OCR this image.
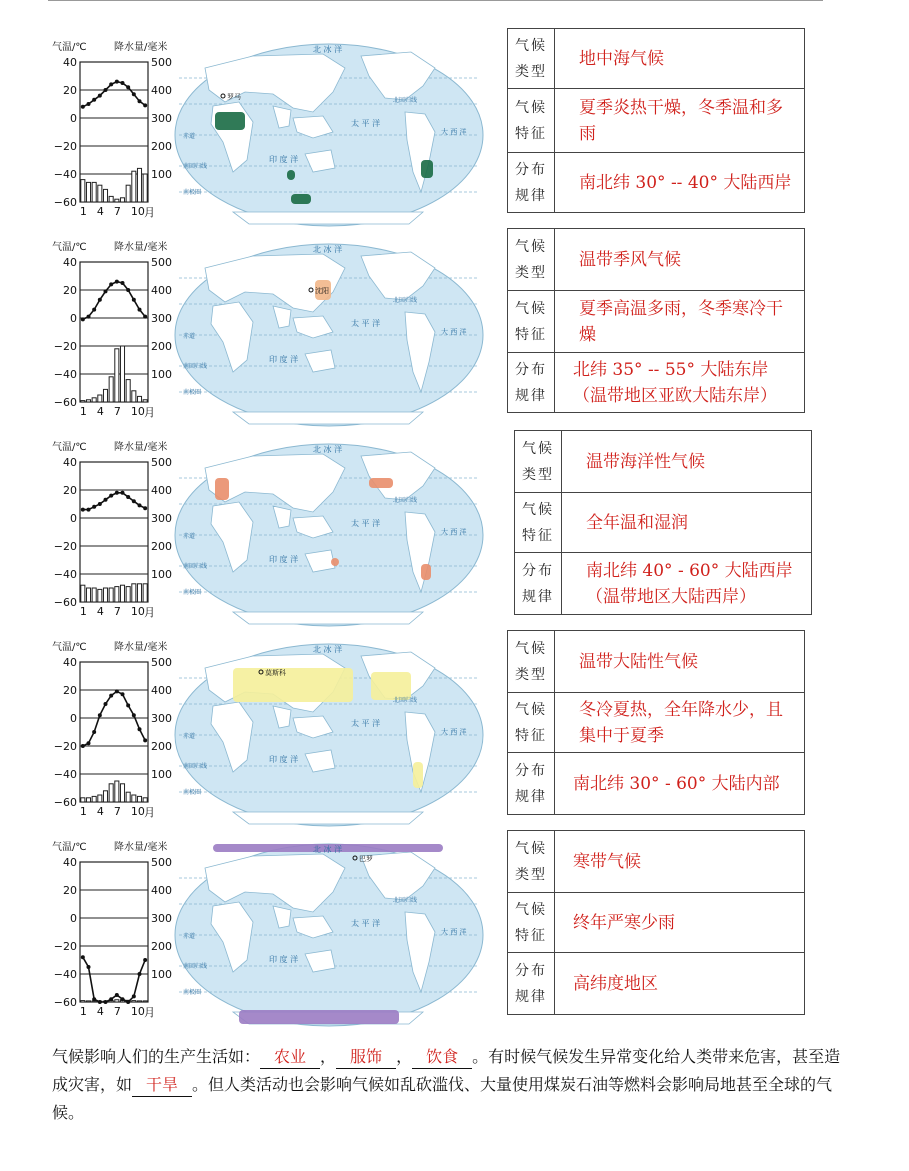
气温/℃	降水量/毫米
40
20
0
−20
−40
−60
500
400
300
200
100
1 4 7 10 月
北 冰 洋
太 平 洋
印 度 洋
大 西 洋
北回归线
南回归线
赤道
南极圈
罗马
气候类型	地中海气候
气候特征	夏季炎热干燥，冬季温和多雨
分布规律	南北纬 30° -- 40° 大陆西岸
气温/℃	降水量/毫米
40
20
0
−20
−40
−60
500
400
300
200
100
1 4 7 10 月
北 冰 洋
太 平 洋
印 度 洋
大 西 洋
北回归线
南回归线
赤道
南极圈
沈阳
气候类型	温带季风气候
气候特征	夏季高温多雨，冬季寒冷干燥
分布规律	北纬 35° -- 55° 大陆东岸（温带地区亚欧大陆东岸）
气温/℃	降水量/毫米
40
20
0
−20
−40
−60
500
400
300
200
100
1 4 7 10 月
北 冰 洋
太 平 洋
印 度 洋
大 西 洋
北回归线
南回归线
赤道
南极圈
气候类型	温带海洋性气候
气候特征	全年温和湿润
分布规律	南北纬 40° - 60° 大陆西岸（温带地区大陆西岸）
气温/℃	降水量/毫米
40
20
0
−20
−40
−60
500
400
300
200
100
1 4 7 10 月
北 冰 洋
太 平 洋
印 度 洋
大 西 洋
北回归线
南回归线
赤道
南极圈
莫斯科
气候类型	温带大陆性气候
气候特征	冬冷夏热，全年降水少，且集中于夏季
分布规律	南北纬 30° - 60° 大陆内部
气温/℃	降水量/毫米
40
20
0
−20
−40
−60
500
400
300
200
100
1 4 7 10 月
北 冰 洋
太 平 洋
印 度 洋
大 西 洋
北回归线
南回归线
赤道
南极圈
巴罗
气候类型	寒带气候
气候特征	终年严寒少雨
分布规律	高纬度地区
气候影响人们的生产生活如： 农业 ， 服饰 ， 饮食 。有时候气候发生异常变化给人类带来危害，甚至造成灾害，如 干旱 。但人类活动也会影响气候如乱砍滥伐、大量使用煤炭石油等燃料会影响局地甚至全球的气候。
